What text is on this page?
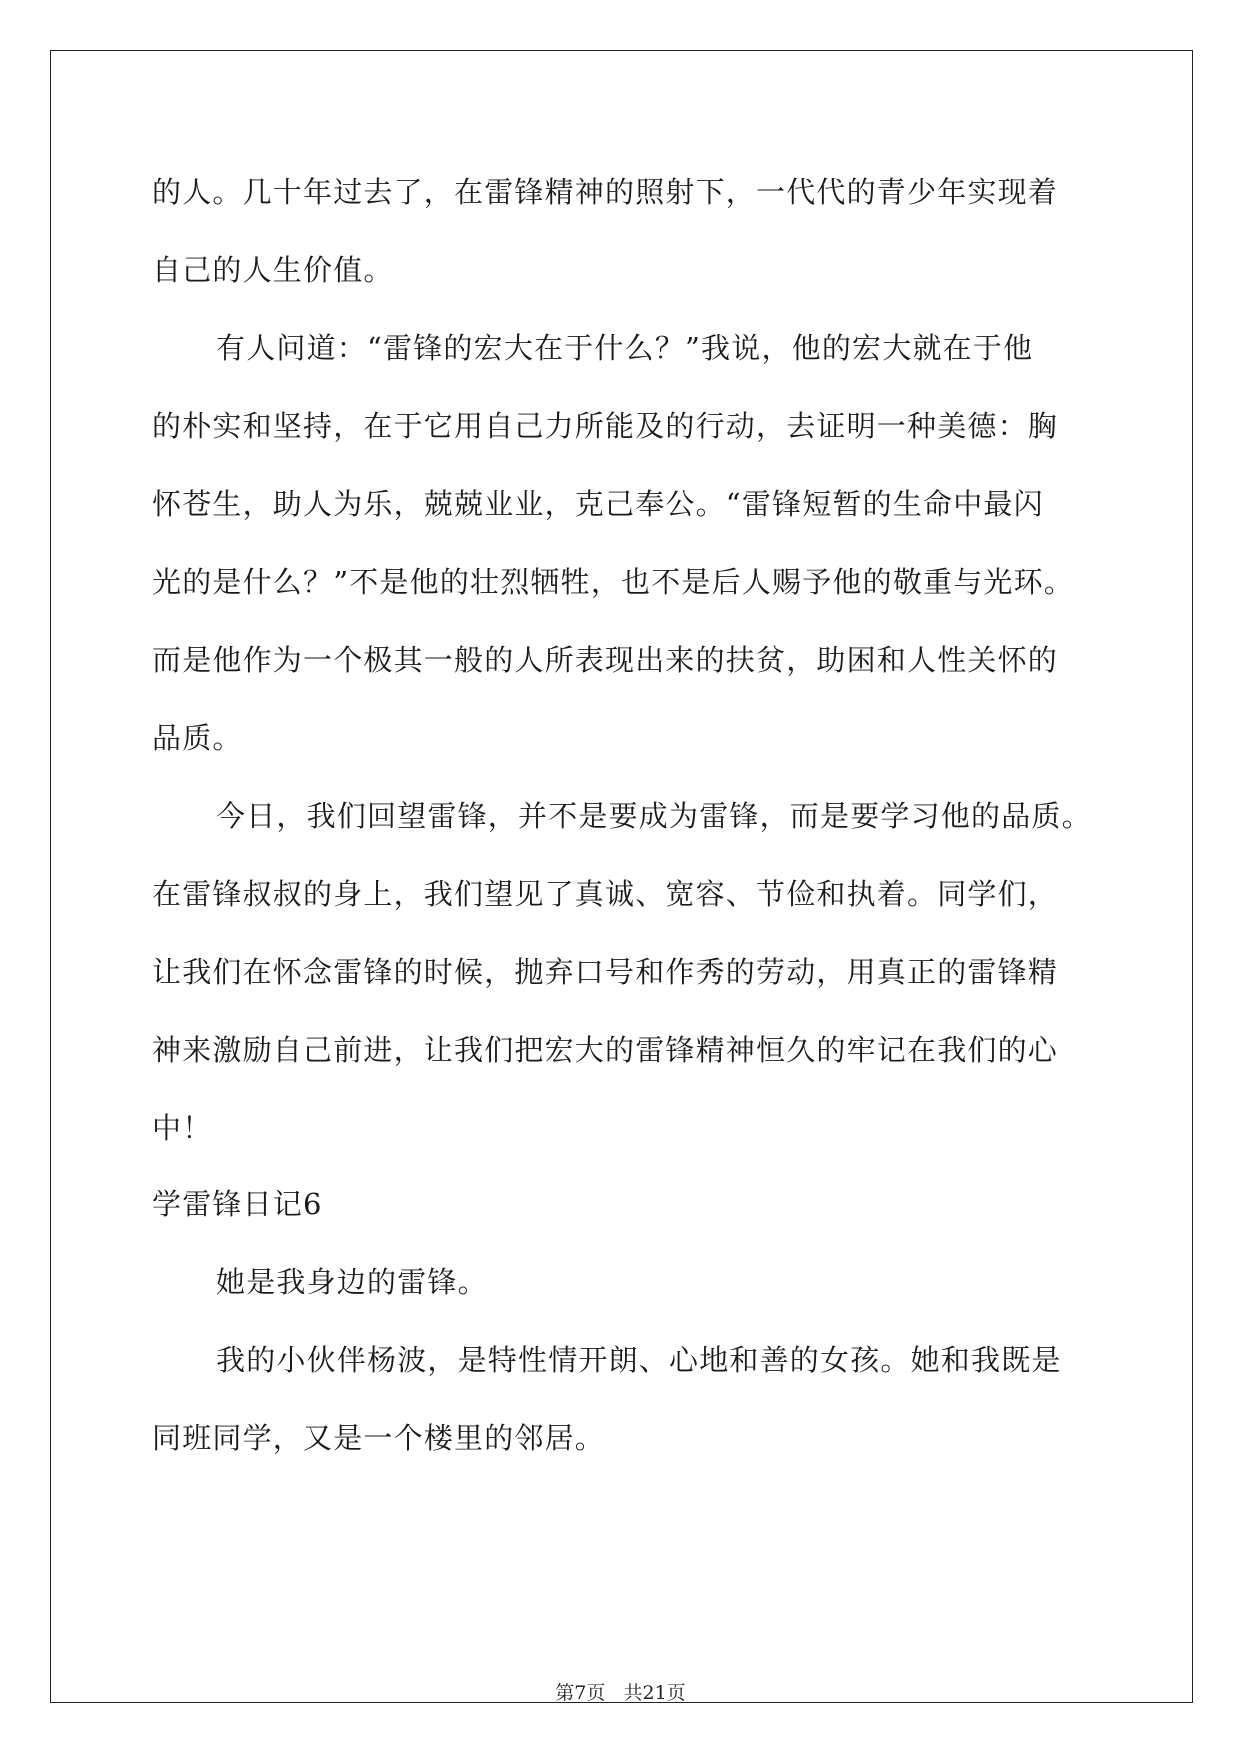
的人。几十年过去了，在雷锋精神的照射下，一代代的青少年实现着
自己的人生价值。
有人问道：“雷锋的宏大在于什么？”我说，他的宏大就在于他
的朴实和坚持，在于它用自己力所能及的行动，去证明一种美德：胸
怀苍生，助人为乐，兢兢业业，克己奉公。“雷锋短暂的生命中最闪
光的是什么？”不是他的壮烈牺牲，也不是后人赐予他的敬重与光环。
而是他作为一个极其一般的人所表现出来的扶贫，助困和人性关怀的
品质。
今日，我们回望雷锋，并不是要成为雷锋，而是要学习他的品质。
在雷锋叔叔的身上，我们望见了真诚、宽容、节俭和执着。同学们，
让我们在怀念雷锋的时候，抛弃口号和作秀的劳动，用真正的雷锋精
神来激励自己前进，让我们把宏大的雷锋精神恒久的牢记在我们的心
中！
学雷锋日记6
她是我身边的雷锋。
我的小伙伴杨波，是特性情开朗、心地和善的女孩。她和我既是
同班同学，又是一个楼里的邻居。
第7页   共21页
